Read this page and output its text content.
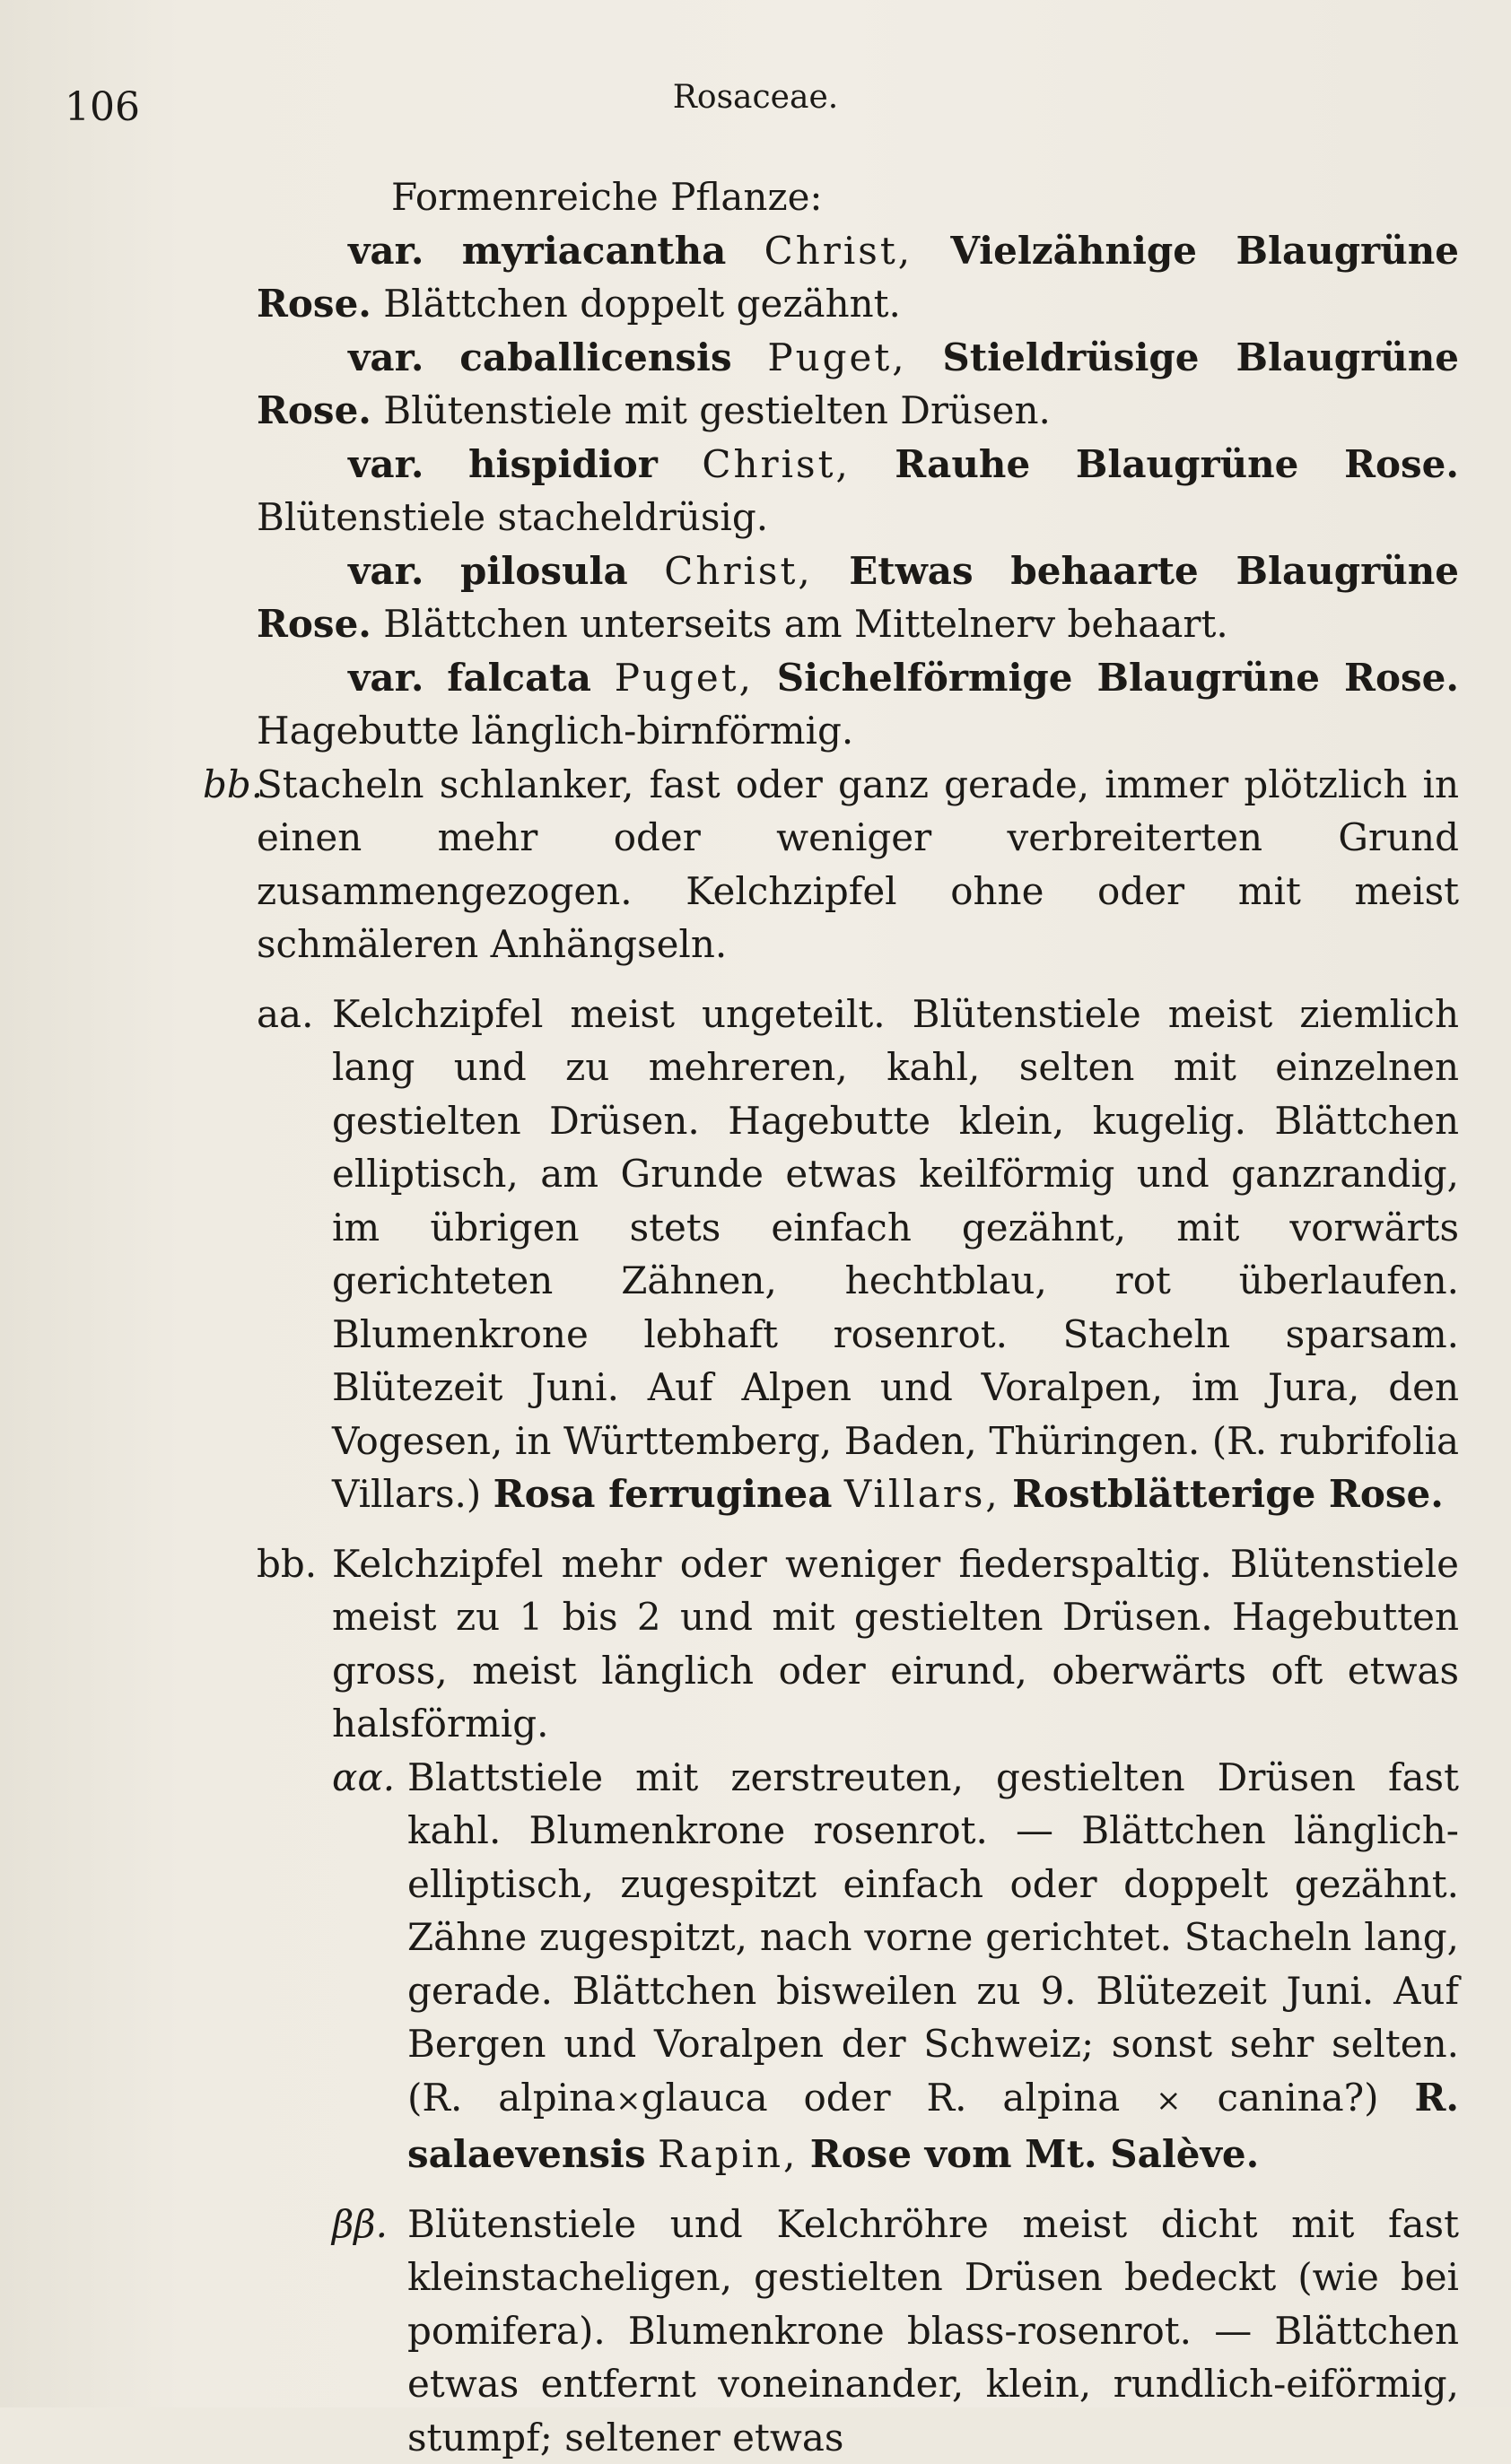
106	Rosaceae.

Formenreiche Pflanze:

var. myriacantha Christ, Vielzähnige Blaugrüne Rose. Blättchen doppelt gezähnt.

var. caballicensis Puget, Stieldrüsige Blaugrüne Rose. Blütenstiele mit gestielten Drüsen.

var. hispidior Christ, Rauhe Blaugrüne Rose. Blütenstiele stacheldrüsig.

var. pilosula Christ, Etwas behaarte Blaugrüne Rose. Blättchen unterseits am Mittelnerv behaart.

var. falcata Puget, Sichelförmige Blaugrüne Rose. Hagebutte länglich-birnförmig.

bb.
Stacheln schlanker, fast oder ganz gerade, immer plötzlich in einen mehr oder weniger verbreiterten Grund zusammengezogen. Kelchzipfel ohne oder mit meist schmäleren Anhängseln.

aa. Kelchzipfel meist ungeteilt. Blütenstiele meist ziemlich lang und zu mehreren, kahl, selten mit einzelnen gestielten Drüsen. Hagebutte klein, kugelig. Blättchen elliptisch, am Grunde etwas keilförmig und ganzrandig, im übrigen stets einfach gezähnt, mit vorwärts gerichteten Zähnen, hechtblau, rot überlaufen. Blumenkrone lebhaft rosenrot. Stacheln sparsam. Blütezeit Juni. Auf Alpen und Voralpen, im Jura, den Vogesen, in Württemberg, Baden, Thüringen. (R. rubrifolia Villars.) Rosa ferruginea Villars, Rostblätterige Rose.

bb. Kelchzipfel mehr oder weniger fiederspaltig. Blütenstiele meist zu 1 bis 2 und mit gestielten Drüsen. Hagebutten gross, meist länglich oder eirund, oberwärts oft etwas halsförmig.

αα. Blattstiele mit zerstreuten, gestielten Drüsen fast kahl. Blumenkrone rosenrot. — Blättchen länglich-elliptisch, zugespitzt einfach oder doppelt gezähnt. Zähne zugespitzt, nach vorne gerichtet. Stacheln lang, gerade. Blättchen bisweilen zu 9. Blütezeit Juni. Auf Bergen und Voralpen der Schweiz; sonst sehr selten. (R. alpina×glauca oder R. alpina × canina?) R. salaevensis Rapin, Rose vom Mt. Salève.

ββ. Blütenstiele und Kelchröhre meist dicht mit fast kleinstacheligen, gestielten Drüsen bedeckt (wie bei pomifera). Blumenkrone blass-rosenrot. — Blättchen etwas entfernt voneinander, klein, rundlich-eiförmig, stumpf; seltener etwas
